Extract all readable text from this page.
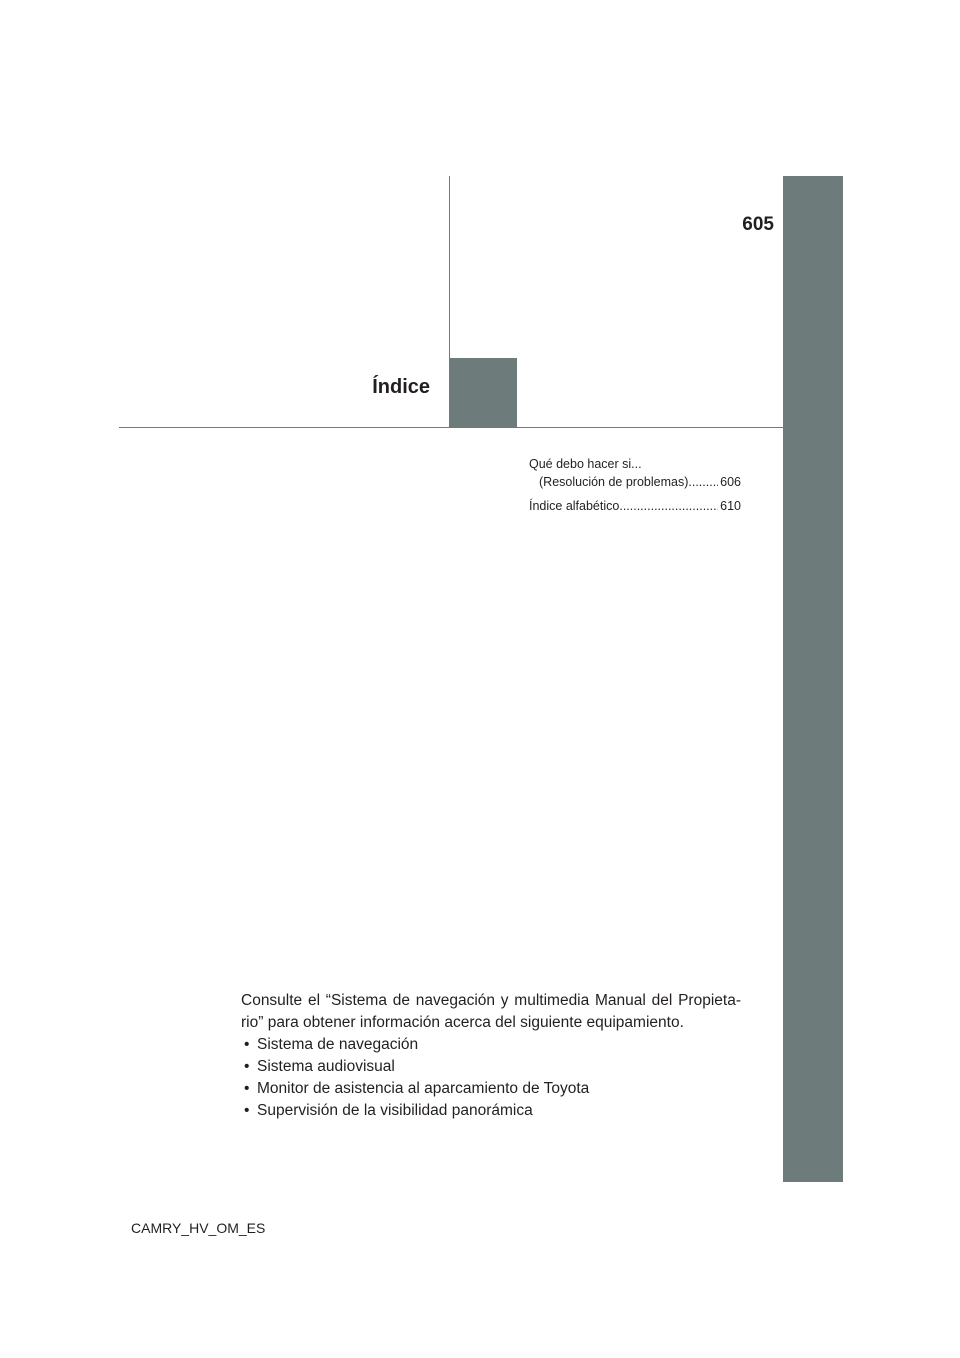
605
Índice
Qué debo hacer si...
(Resolución de problemas) .....	606
Índice alfabético .....	610

Consulte el “Sistema de navegación y multimedia Manual del Propieta-rio” para obtener información acerca del siguiente equipamiento.

• Sistema de navegación
• Sistema audiovisual
• Monitor de asistencia al aparcamiento de Toyota
• Supervisión de la visibilidad panorámica
CAMRY_HV_OM_ES
